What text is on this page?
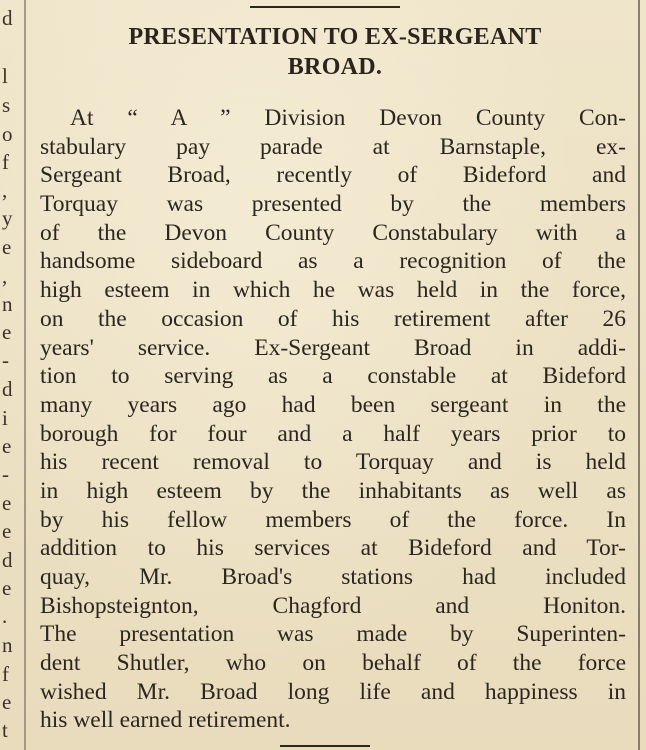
d
l
s
o
f
,
y
e
,
n
e
-
d
i
e
-
e
e
d
e
.
n
f
e
t
PRESENTATION TO EX-SERGEANT
BROAD.
At “ A ” Division Devon County Con-
stabulary pay parade at Barnstaple, ex-
Sergeant Broad, recently of Bideford and
Torquay was presented by the members
of the Devon County Constabulary with a
handsome sideboard as a recognition of the
high esteem in which he was held in the force,
on the occasion of his retirement after 26
years' service. Ex-Sergeant Broad in addi-
tion to serving as a constable at Bideford
many years ago had been sergeant in the
borough for four and a half years prior to
his recent removal to Torquay and is held
in high esteem by the inhabitants as well as
by his fellow members of the force. In
addition to his services at Bideford and Tor-
quay, Mr. Broad's stations had included
Bishopsteignton, Chagford and Honiton.
The presentation was made by Superinten-
dent Shutler, who on behalf of the force
wished Mr. Broad long life and happiness in
his well earned retirement.
